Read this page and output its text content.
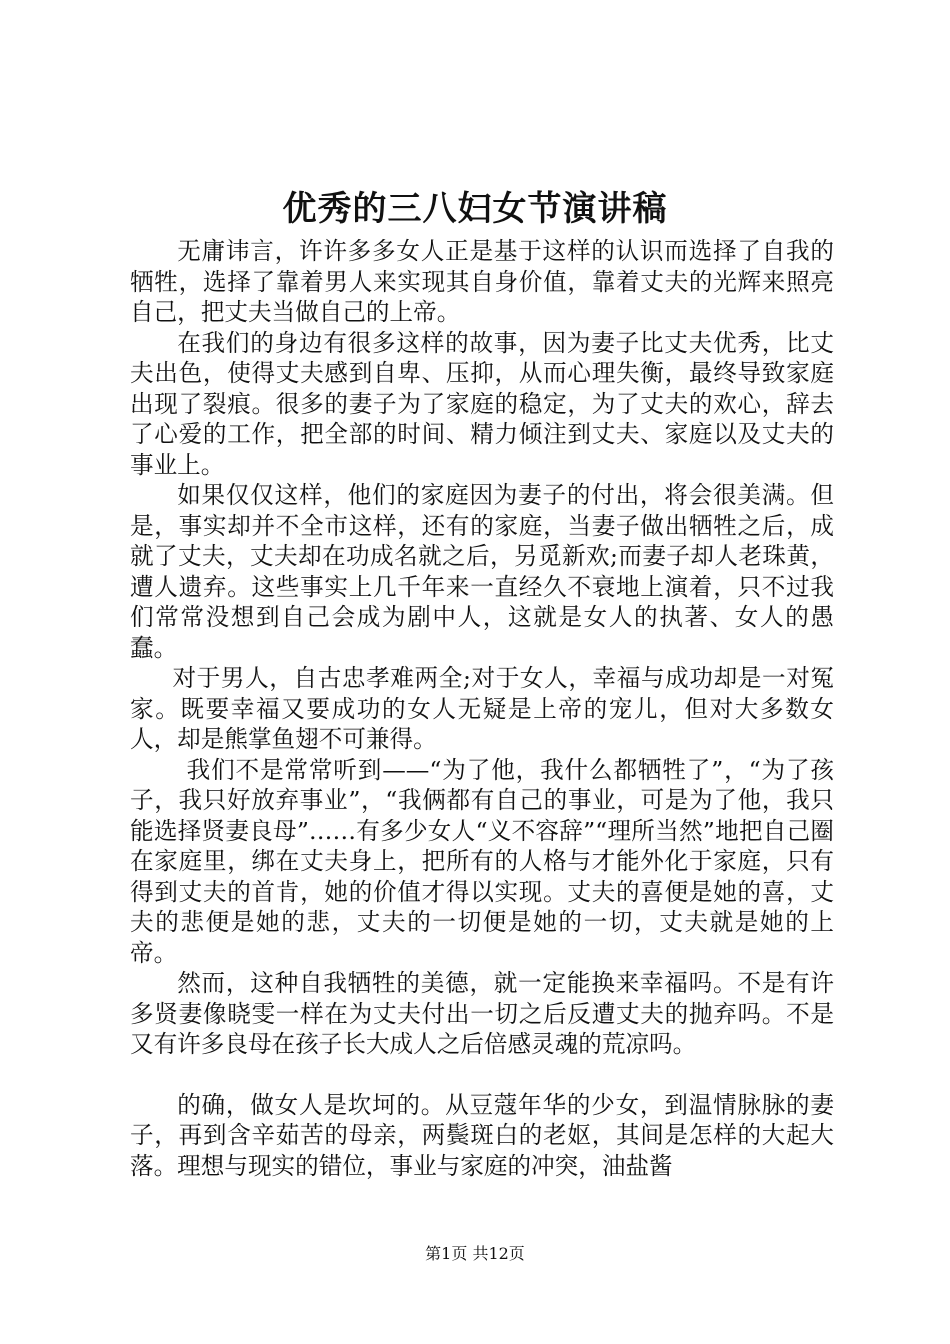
优秀的三八妇女节演讲稿

无庸讳言，许许多多女人正是基于这样的认识而选择了自我的牺牲，选择了靠着男人来实现其自身价值，靠着丈夫的光辉来照亮自己，把丈夫当做自己的上帝。

在我们的身边有很多这样的故事，因为妻子比丈夫优秀，比丈夫出色，使得丈夫感到自卑、压抑，从而心理失衡，最终导致家庭出现了裂痕。很多的妻子为了家庭的稳定，为了丈夫的欢心，辞去了心爱的工作，把全部的时间、精力倾注到丈夫、家庭以及丈夫的事业上。

如果仅仅这样，他们的家庭因为妻子的付出，将会很美满。但是，事实却并不全市这样，还有的家庭，当妻子做出牺牲之后，成就了丈夫，丈夫却在功成名就之后，另觅新欢;而妻子却人老珠黄，遭人遗弃。这些事实上几千年来一直经久不衰地上演着，只不过我们常常没想到自己会成为剧中人，这就是女人的执著、女人的愚蠢。

对于男人，自古忠孝难两全;对于女人，幸福与成功却是一对冤家。既要幸福又要成功的女人无疑是上帝的宠儿，但对大多数女人，却是熊掌鱼翅不可兼得。

我们不是常常听到——“为了他，我什么都牺牲了”，“为了孩子，我只好放弃事业”，“我俩都有自己的事业，可是为了他，我只能选择贤妻良母”……有多少女人“义不容辞”“理所当然”地把自己圈在家庭里，绑在丈夫身上，把所有的人格与才能外化于家庭，只有得到丈夫的首肯，她的价值才得以实现。丈夫的喜便是她的喜，丈夫的悲便是她的悲，丈夫的一切便是她的一切，丈夫就是她的上帝。

然而，这种自我牺牲的美德，就一定能换来幸福吗。不是有许多贤妻像晓雯一样在为丈夫付出一切之后反遭丈夫的抛弃吗。不是又有许多良母在孩子长大成人之后倍感灵魂的荒凉吗。

的确，做女人是坎坷的。从豆蔻年华的少女，到温情脉脉的妻子，再到含辛茹苦的母亲，两鬓斑白的老妪，其间是怎样的大起大落。理想与现实的错位，事业与家庭的冲突，油盐酱

第1页 共12页
